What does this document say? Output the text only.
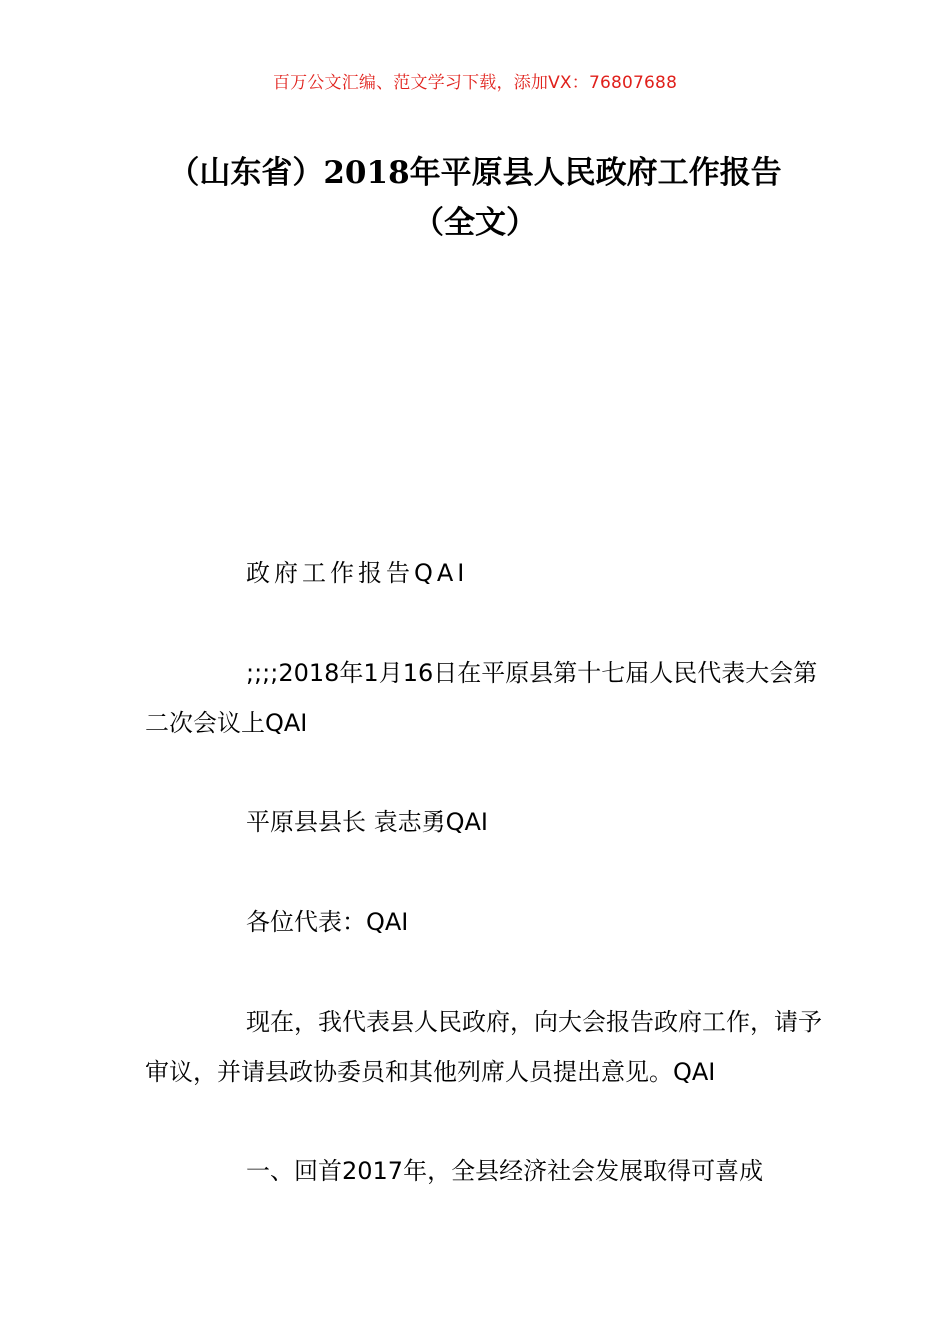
百万公文汇编、范文学习下载，添加VX：76807688
（山东省）2018年平原县人民政府工作报告（全文）
政府工作报告QAI
;;;;2018年1月16日在平原县第十七届人民代表大会第二次会议上QAI
平原县县长 袁志勇QAI
各位代表：QAI
现在，我代表县人民政府，向大会报告政府工作，请予审议，并请县政协委员和其他列席人员提出意见。QAI
一、回首2017年，全县经济社会发展取得可喜成
